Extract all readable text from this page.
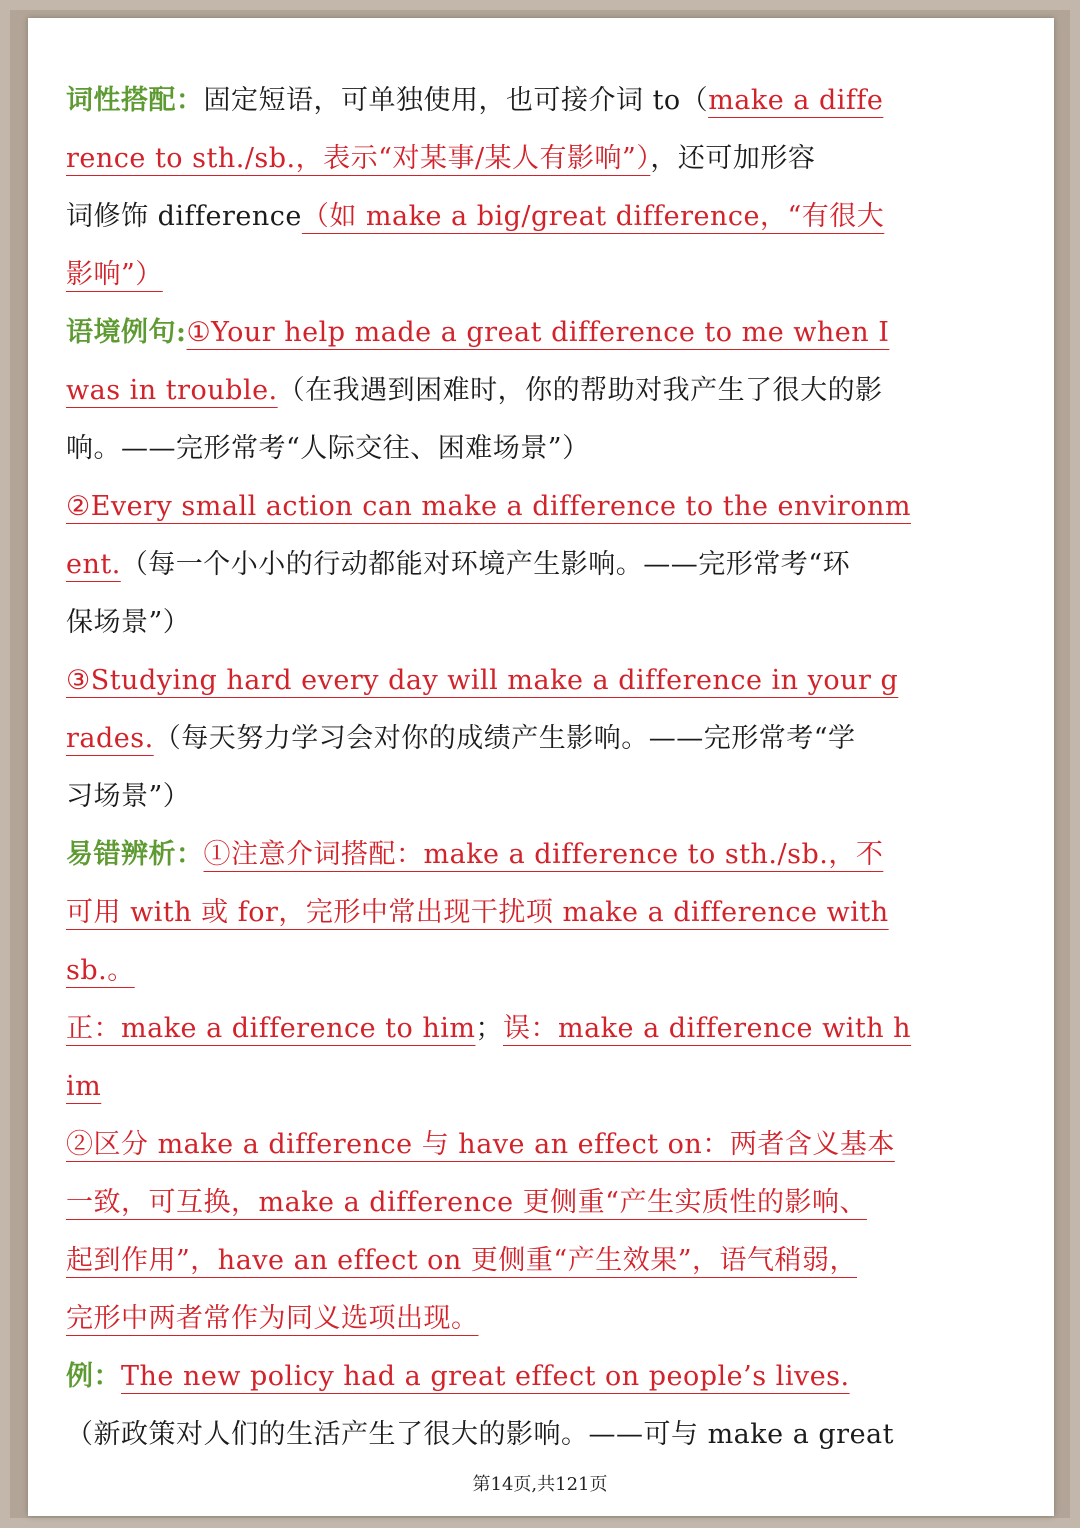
词性搭配：固定短语，可单独使用，也可接介词 to（make a diffe
rence to sth./sb.，表示“对某事/某人有影响”），还可加形容
词修饰 difference（如 make a big/great difference，“有很大
影响”）
语境例句:①Your help made a great difference to me when I
was in trouble.（在我遇到困难时，你的帮助对我产生了很大的影
响。——完形常考“人际交往、困难场景”）
②Every small action can make a difference to the environm
ent.（每一个小小的行动都能对环境产生影响。——完形常考“环
保场景”）
③Studying hard every day will make a difference in your g
rades.（每天努力学习会对你的成绩产生影响。——完形常考“学
习场景”）
易错辨析：①注意介词搭配：make a difference to sth./sb.，不
可用 with 或 for，完形中常出现干扰项 make a difference with
sb.。
正：make a difference to him；误：make a difference with h
im
②区分 make a difference 与 have an effect on：两者含义基本
一致，可互换，make a difference 更侧重“产生实质性的影响、
起到作用”，have an effect on 更侧重“产生效果”，语气稍弱，
完形中两者常作为同义选项出现。
例：The new policy had a great effect on people’s lives.
（新政策对人们的生活产生了很大的影响。——可与 make a great
第14页,共121页
